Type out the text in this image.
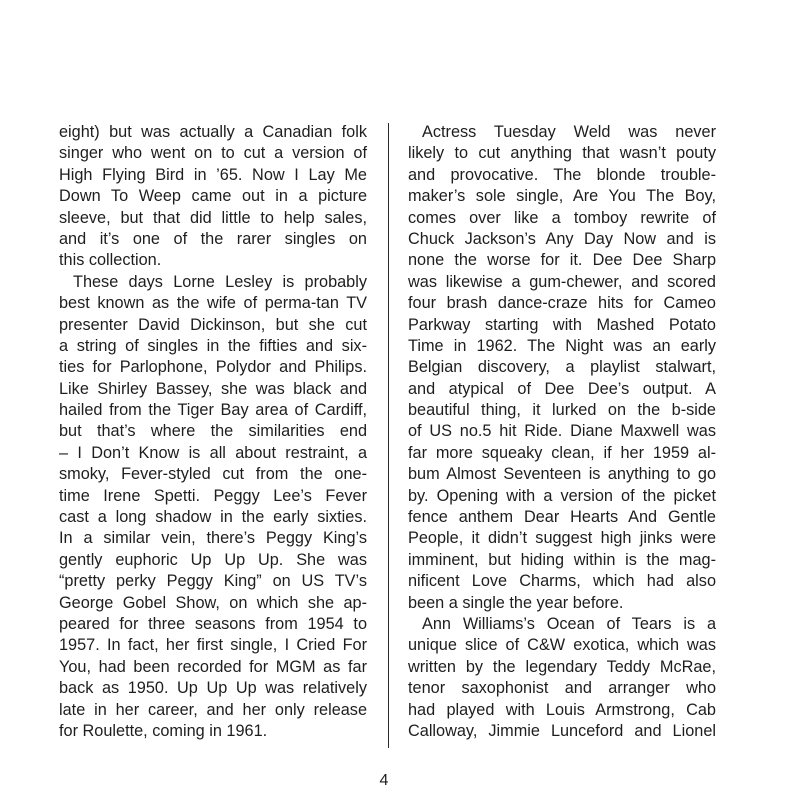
eight) but was actually a Canadian folk
singer who went on to cut a version of
High Flying Bird in ’65. Now I Lay Me
Down To Weep came out in a picture
sleeve, but that did little to help sales,
and it’s one of the rarer singles on
this collection.
These days Lorne Lesley is probably
best known as the wife of perma-tan TV
presenter David Dickinson, but she cut
a string of singles in the fifties and six-
ties for Parlophone, Polydor and Philips.
Like Shirley Bassey, she was black and
hailed from the Tiger Bay area of Cardiff,
but that’s where the similarities end
– I Don’t Know is all about restraint, a
smoky, Fever-styled cut from the one-
time Irene Spetti. Peggy Lee’s Fever
cast a long shadow in the early sixties.
In a similar vein, there’s Peggy King’s
gently euphoric Up Up Up. She was
“pretty perky Peggy King” on US TV’s
George Gobel Show, on which she ap-
peared for three seasons from 1954 to
1957. In fact, her first single, I Cried For
You, had been recorded for MGM as far
back as 1950. Up Up Up was relatively
late in her career, and her only release
for Roulette, coming in 1961.
Actress Tuesday Weld was never
likely to cut anything that wasn’t pouty
and provocative. The blonde trouble-
maker’s sole single, Are You The Boy,
comes over like a tomboy rewrite of
Chuck Jackson’s Any Day Now and is
none the worse for it. Dee Dee Sharp
was likewise a gum-chewer, and scored
four brash dance-craze hits for Cameo
Parkway starting with Mashed Potato
Time in 1962. The Night was an early
Belgian discovery, a playlist stalwart,
and atypical of Dee Dee’s output. A
beautiful thing, it lurked on the b-side
of US no.5 hit Ride. Diane Maxwell was
far more squeaky clean, if her 1959 al-
bum Almost Seventeen is anything to go
by. Opening with a version of the picket
fence anthem Dear Hearts And Gentle
People, it didn’t suggest high jinks were
imminent, but hiding within is the mag-
nificent Love Charms, which had also
been a single the year before.
Ann Williams’s Ocean of Tears is a
unique slice of C&W exotica, which was
written by the legendary Teddy McRae,
tenor saxophonist and arranger who
had played with Louis Armstrong, Cab
Calloway, Jimmie Lunceford and Lionel
4
